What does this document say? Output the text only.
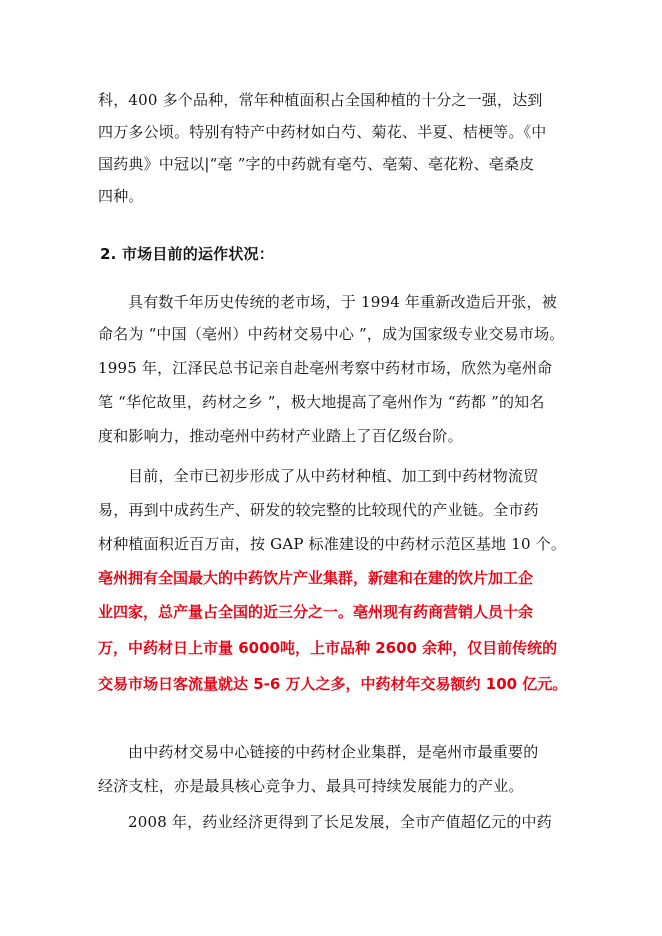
科，400 多个品种，常年种植面积占全国种植的十分之一强，达到
四万多公顷。特别有特产中药材如白芍、菊花、半夏、桔梗等。《中
国药典》中冠以|“亳 ”字的中药就有亳芍、亳菊、亳花粉、亳桑皮
四种。
2. 市场目前的运作状况：
具有数千年历史传统的老市场，于 1994 年重新改造后开张，被
命名为 “中国（亳州）中药材交易中心 ”，成为国家级专业交易市场。
1995 年，江泽民总书记亲自赴亳州考察中药材市场，欣然为亳州命
笔 “华佗故里，药材之乡 ”，极大地提高了亳州作为 “药都 ”的知名
度和影响力，推动亳州中药材产业踏上了百亿级台阶。
目前，全市已初步形成了从中药材种植、加工到中药材物流贸
易，再到中成药生产、研发的较完整的比较现代的产业链。全市药
材种植面积近百万亩，按 GAP 标准建设的中药材示范区基地 10 个。
亳州拥有全国最大的中药饮片产业集群，新建和在建的饮片加工企
业四家，总产量占全国的近三分之一。亳州现有药商营销人员十余
万，中药材日上市量 6000吨，上市品种 2600 余种，仅目前传统的
交易市场日客流量就达 5-6 万人之多，中药材年交易额约 100 亿元。
由中药材交易中心链接的中药材企业集群，是亳州市最重要的
经济支柱，亦是最具核心竞争力、最具可持续发展能力的产业。
2008 年，药业经济更得到了长足发展，全市产值超亿元的中药
